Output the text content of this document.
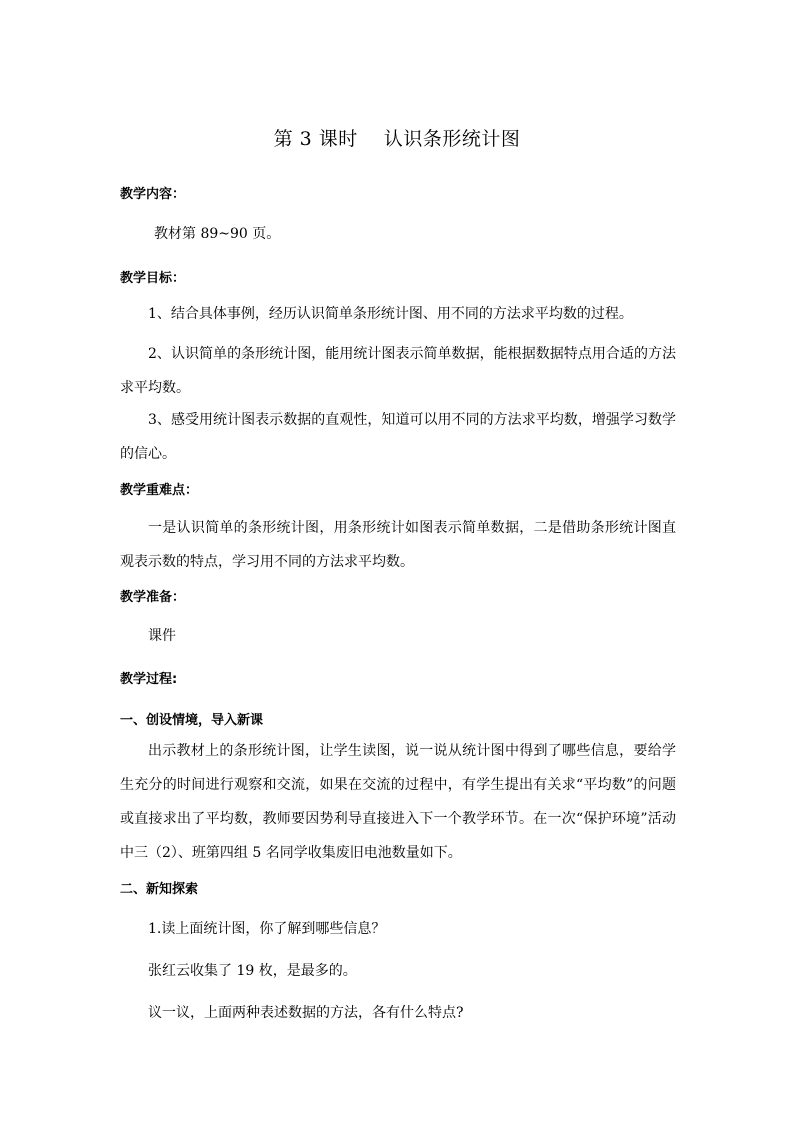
第 3 课时    认识条形统计图
教学内容：
教材第 89~90 页。
教学目标：
1、结合具体事例，经历认识简单条形统计图、用不同的方法求平均数的过程。
2、认识简单的条形统计图，能用统计图表示简单数据，能根据数据特点用合适的方法求平均数。
3、感受用统计图表示数据的直观性，知道可以用不同的方法求平均数，增强学习数学的信心。
教学重难点：
一是认识简单的条形统计图，用条形统计如图表示简单数据，二是借助条形统计图直观表示数的特点，学习用不同的方法求平均数。
教学准备：
课件
教学过程:
一、创设情境，导入新课
出示教材上的条形统计图，让学生读图，说一说从统计图中得到了哪些信息，要给学生充分的时间进行观察和交流，如果在交流的过程中，有学生提出有关求“平均数”的问题或直接求出了平均数，教师要因势利导直接进入下一个教学环节。在一次“保护环境”活动中三（2）、班第四组 5 名同学收集废旧电池数量如下。
二、新知探索
1.读上面统计图，你了解到哪些信息？
张红云收集了 19 枚，是最多的。
议一议，上面两种表述数据的方法，各有什么特点?
